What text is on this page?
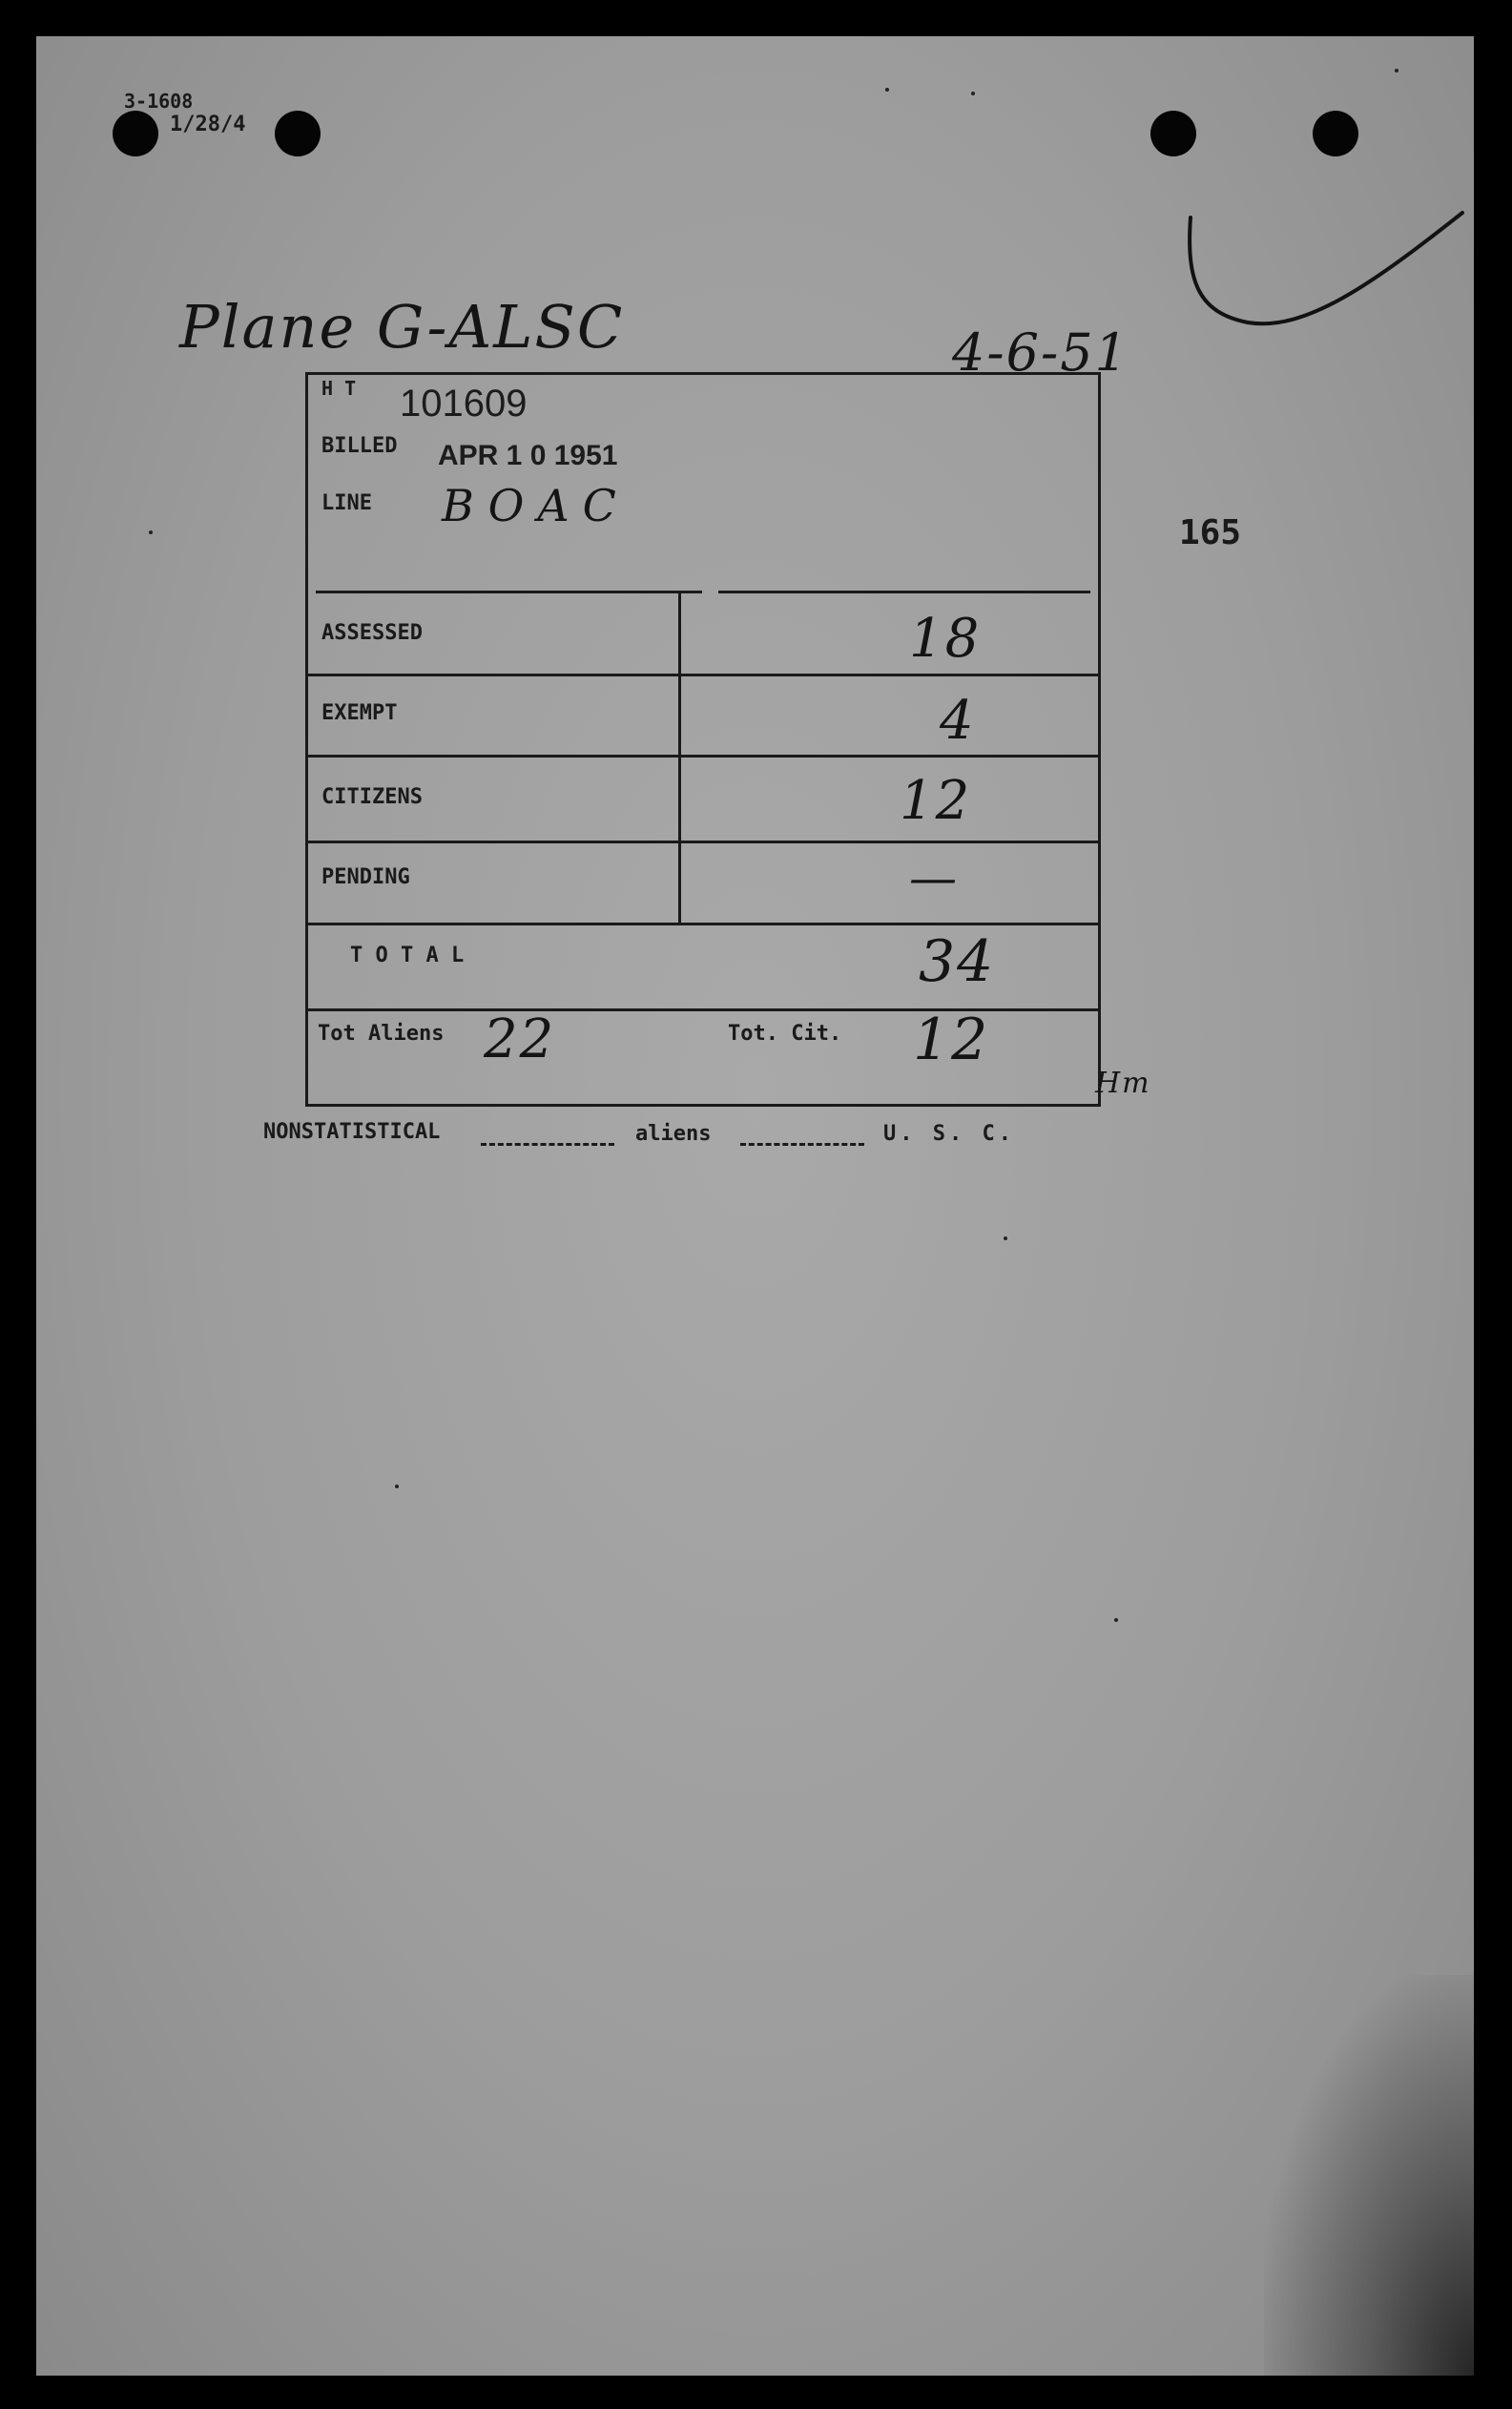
3-1608
1/28/4
Plane G-ALSC	4-6-51
165
H T 101609
BILLED APR 1 0 1951
LINE BOAC
ASSESSED	18
EXEMPT	4
CITIZENS	12
PENDING	—
T O T A L	34
Tot Aliens 22	Tot. Cit. 12
Hm
NONSTATISTICAL	aliens	U. S. C.
